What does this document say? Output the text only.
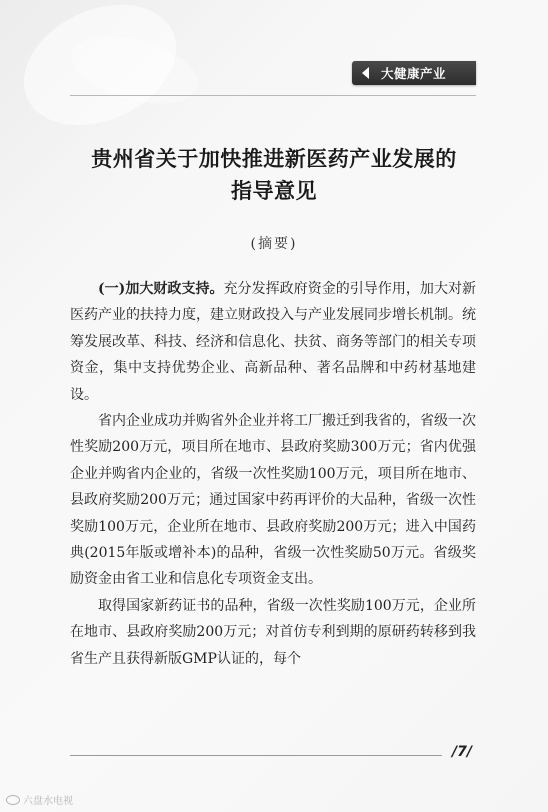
大健康产业
贵州省关于加快推进新医药产业发展的
指导意见
(摘要)

(一)加大财政支持。充分发挥政府资金的引导作用，加大对新医药产业的扶持力度，建立财政投入与产业发展同步增长机制。统筹发展改革、科技、经济和信息化、扶贫、商务等部门的相关专项资金，集中支持优势企业、高新品种、著名品牌和中药材基地建设。

省内企业成功并购省外企业并将工厂搬迁到我省的，省级一次性奖励200万元，项目所在地市、县政府奖励300万元；省内优强企业并购省内企业的，省级一次性奖励100万元，项目所在地市、县政府奖励200万元；通过国家中药再评价的大品种，省级一次性奖励100万元，企业所在地市、县政府奖励200万元；进入中国药典(2015年版或增补本)的品种，省级一次性奖励50万元。省级奖励资金由省工业和信息化专项资金支出。

取得国家新药证书的品种，省级一次性奖励100万元，企业所在地市、县政府奖励200万元；对首仿专利到期的原研药转移到我省生产且获得新版GMP认证的，每个

/7/
六盘水电视
